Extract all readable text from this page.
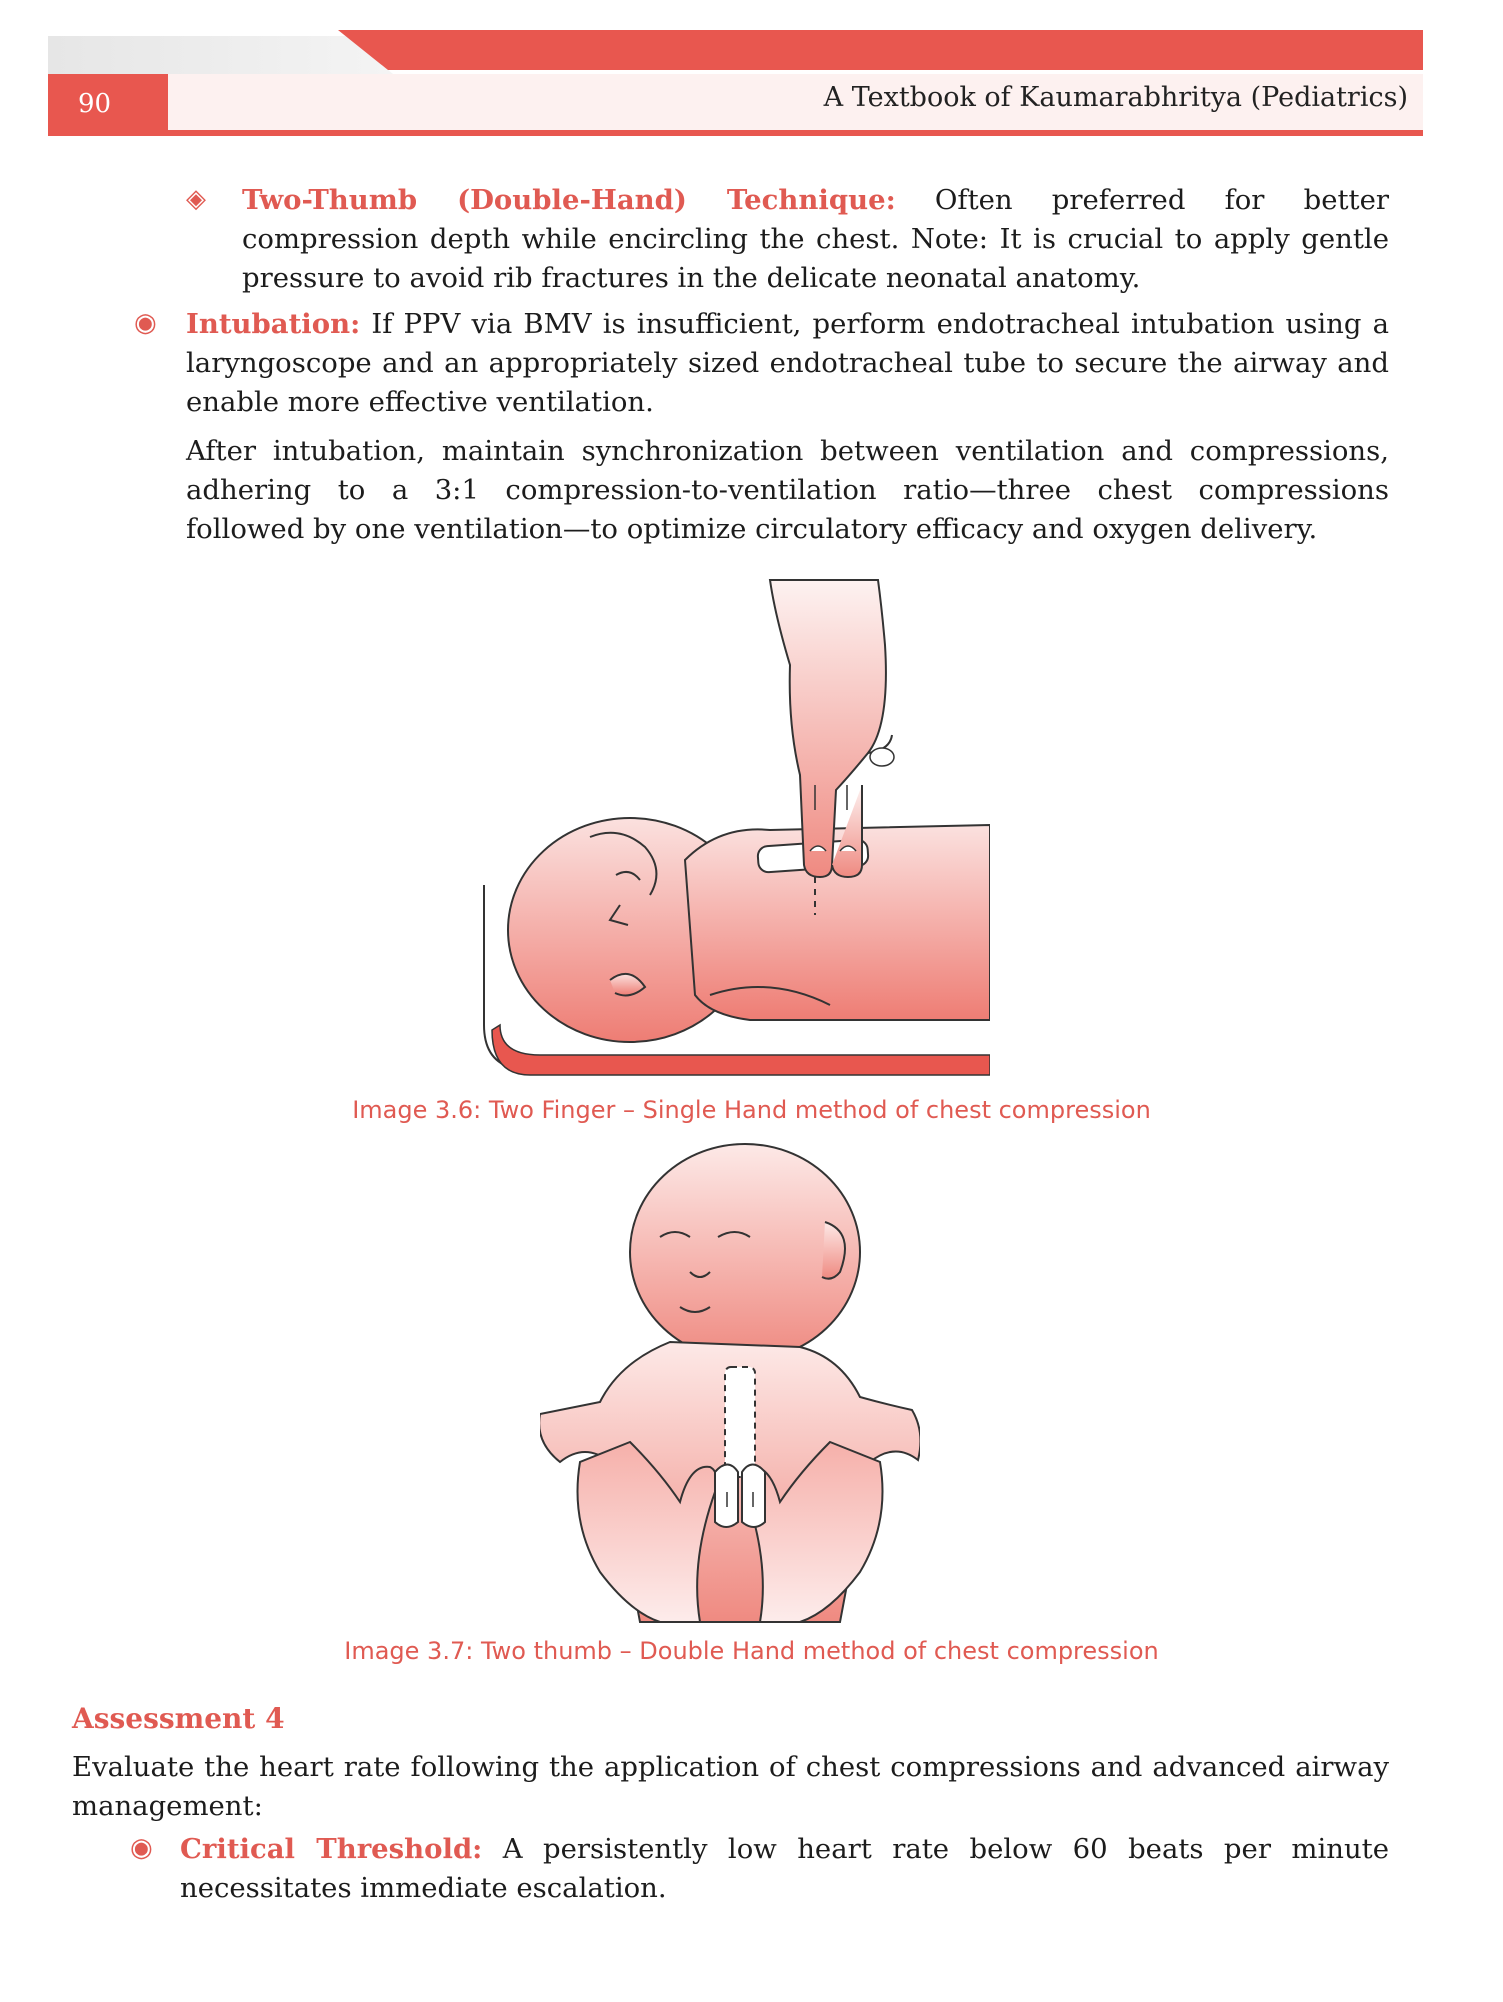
90	A Textbook of Kaumarabhritya (Pediatrics)
◈ Two-Thumb (Double-Hand) Technique: Often preferred for better compression depth while encircling the chest. Note: It is crucial to apply gentle pressure to avoid rib fractures in the delicate neonatal anatomy.

◉ Intubation: If PPV via BMV is insufficient, perform endotracheal intubation using a laryngoscope and an appropriately sized endotracheal tube to secure the airway and enable more effective ventilation.

After intubation, maintain synchronization between ventilation and compressions, adhering to a 3:1 compression-to-ventilation ratio—three chest compressions followed by one ventilation—to optimize circulatory efficacy and oxygen delivery.

Image 3.6: Two Finger – Single Hand method of chest compression
Image 3.7: Two thumb – Double Hand method of chest compression
Assessment 4

Evaluate the heart rate following the application of chest compressions and advanced airway management:

◉ Critical Threshold: A persistently low heart rate below 60 beats per minute necessitates immediate escalation.
